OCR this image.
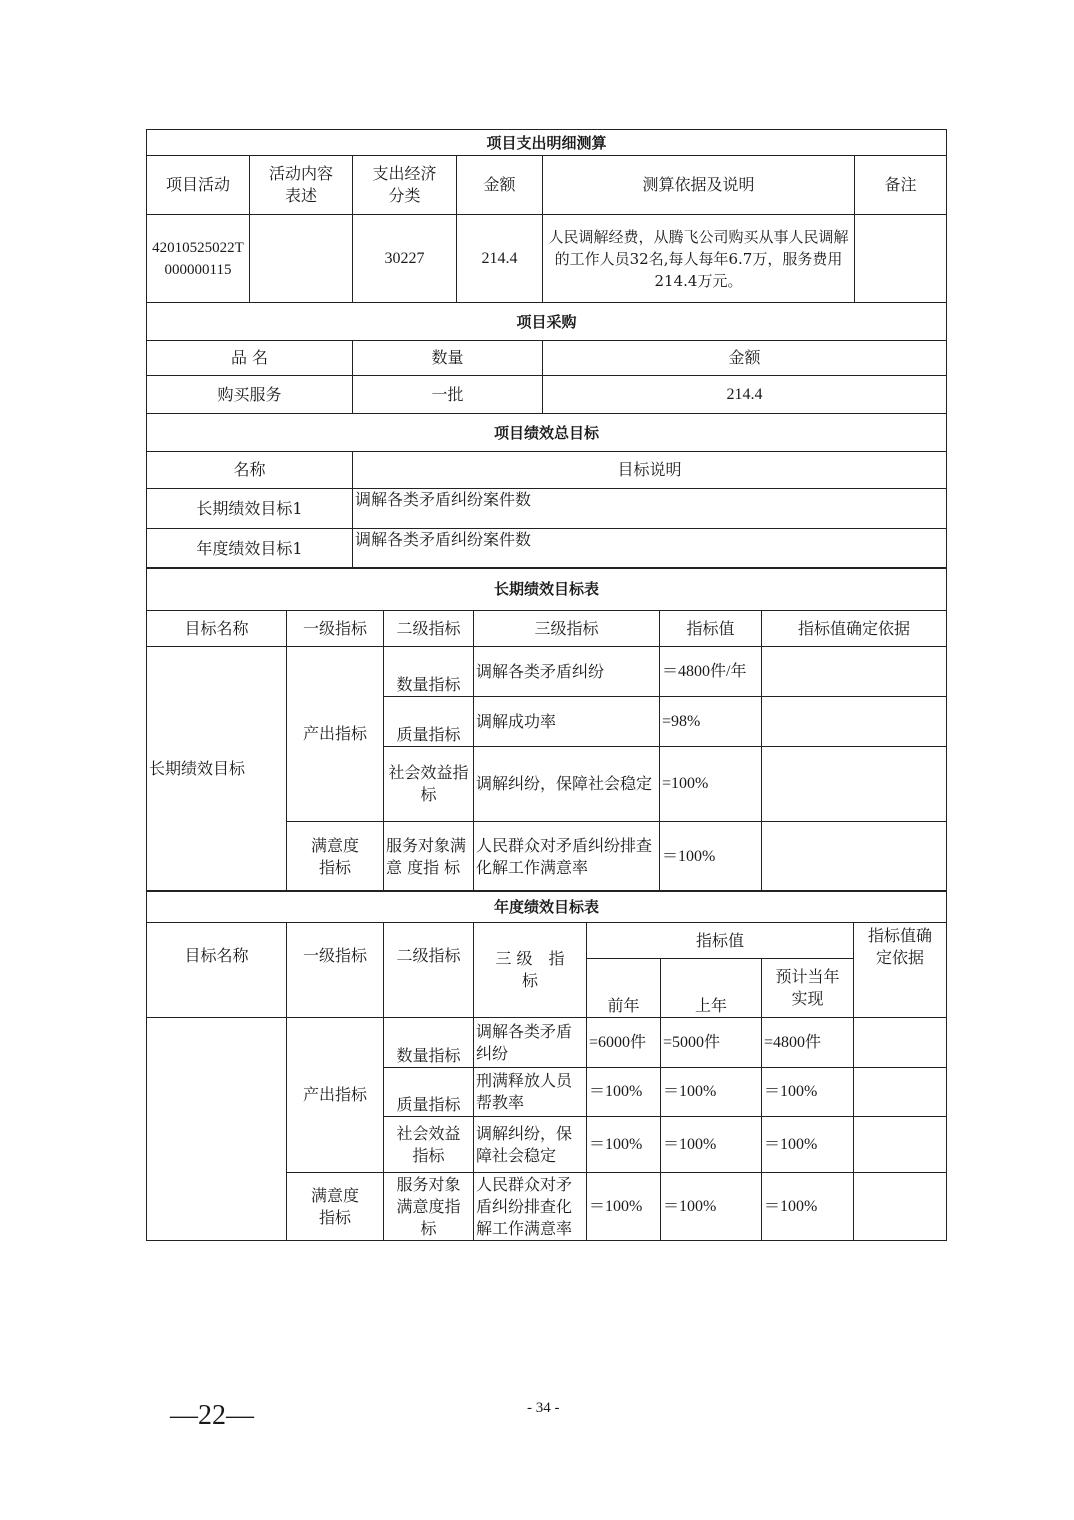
项目支出明细测算					
项目活动	活动内容表述	支出经济分类	金额	测算依据及说明	备注
42010525022T000000115		30227	214.4	人民调解经费，从腾飞公司购买从事人民调解的工作人员32名,每人每年6.7万，服务费用214.4万元。	
项目采购					
品 名	数量	金额
购买服务	一批	214.4
项目绩效总目标		
名称	目标说明	
长期绩效目标1	调解各类矛盾纠纷案件数	
年度绩效目标1	调解各类矛盾纠纷案件数	
长期绩效目标表					
目标名称	一级指标	二级指标	三级指标	指标值	指标值确定依据
长期绩效目标	产出指标	数量指标	调解各类矛盾纠纷	＝4800件/年	
		质量指标	调解成功率	=98%	
		社会效益指标	调解纠纷，保障社会稳定	=100%	
	满意度指标	服务对象满 意 度指 标	人民群众对矛盾纠纷排查化解工作满意率	＝100%	
年度绩效目标表							
目标名称	一级指标	二级指标	三 级　指标	指标值			指标值确定依据
				前年	上年	预计当年实现	
	产出指标	数量指标	调解各类矛盾纠纷	=6000件	=5000件	=4800件	
		质量指标	刑满释放人员帮教率	＝100%	＝100%	＝100%	
		社会效益指标	调解纠纷，保障社会稳定	＝100%	＝100%	＝100%	
	满意度指标	服务对象满意度指标	人民群众对矛盾纠纷排查化解工作满意率	＝100%	＝100%	＝100%	
—22—	- 34 -
